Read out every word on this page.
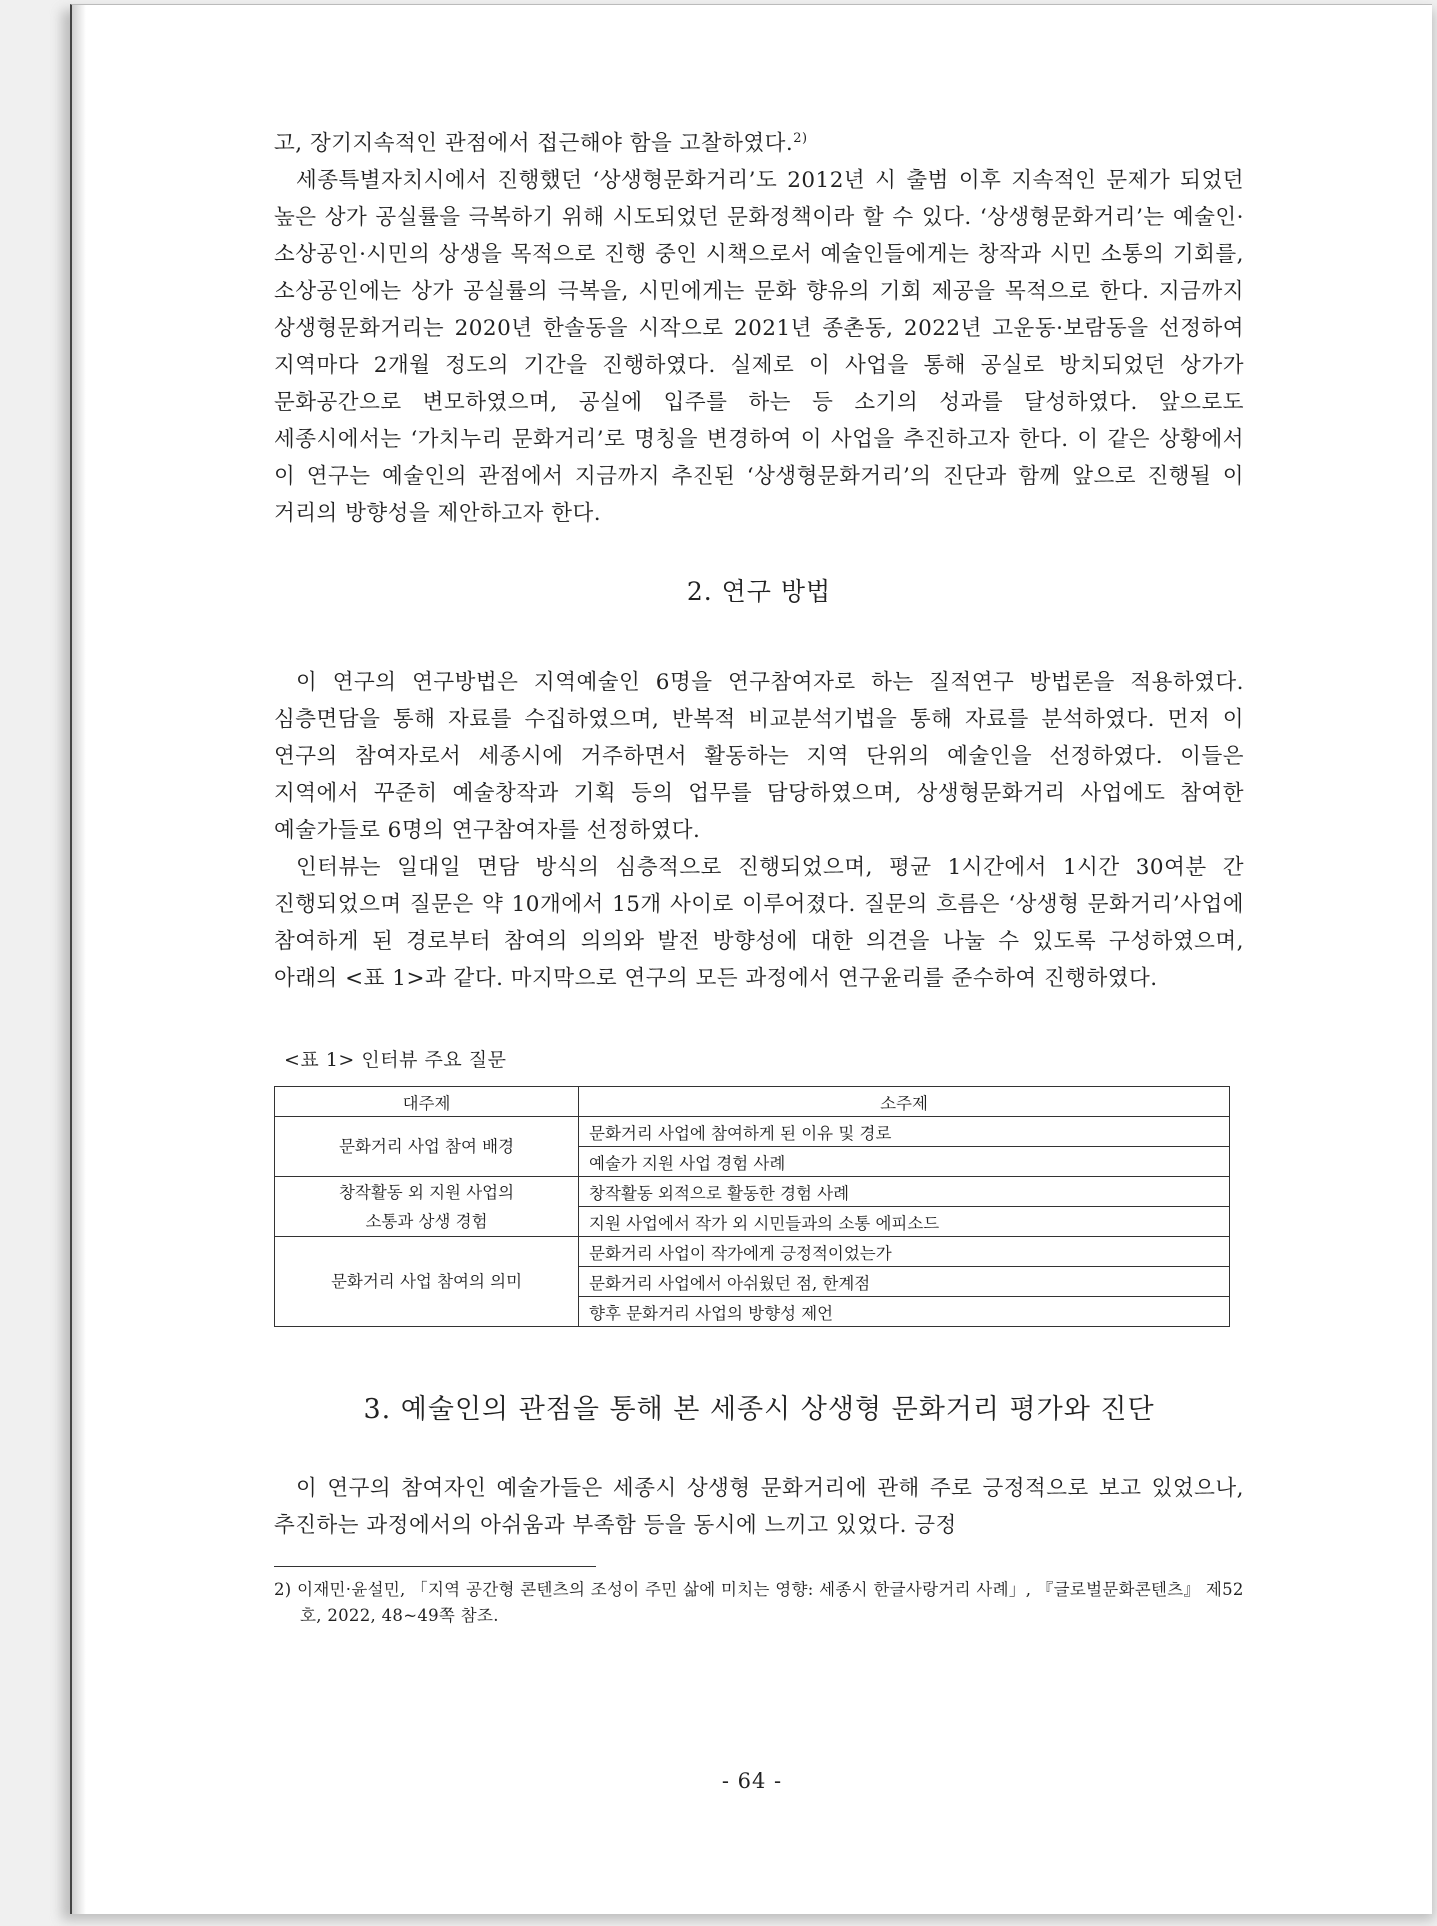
고, 장기지속적인 관점에서 접근해야 함을 고찰하였다.$^{2)}$

세종특별자치시에서 진행했던 ‘상생형문화거리’도 2012년 시 출범 이후 지속적인 문제가 되었던 높은 상가 공실률을 극복하기 위해 시도되었던 문화정책이라 할 수 있다. ‘상생형문화거리’는 예술인·소상공인·시민의 상생을 목적으로 진행 중인 시책으로서 예술인들에게는 창작과 시민 소통의 기회를, 소상공인에는 상가 공실률의 극복을, 시민에게는 문화 향유의 기회 제공을 목적으로 한다. 지금까지 상생형문화거리는 2020년 한솔동을 시작으로 2021년 종촌동, 2022년 고운동·보람동을 선정하여 지역마다 2개월 정도의 기간을 진행하였다. 실제로 이 사업을 통해 공실로 방치되었던 상가가 문화공간으로 변모하였으며, 공실에 입주를 하는 등 소기의 성과를 달성하였다. 앞으로도 세종시에서는 ‘가치누리 문화거리’로 명칭을 변경하여 이 사업을 추진하고자 한다. 이 같은 상황에서 이 연구는 예술인의 관점에서 지금까지 추진된 ‘상생형문화거리’의 진단과 함께 앞으로 진행될 이 거리의 방향성을 제안하고자 한다.

2. 연구 방법

이 연구의 연구방법은 지역예술인 6명을 연구참여자로 하는 질적연구 방법론을 적용하였다. 심층면담을 통해 자료를 수집하였으며, 반복적 비교분석기법을 통해 자료를 분석하였다. 먼저 이 연구의 참여자로서 세종시에 거주하면서 활동하는 지역 단위의 예술인을 선정하였다. 이들은 지역에서 꾸준히 예술창작과 기획 등의 업무를 담당하였으며, 상생형문화거리 사업에도 참여한 예술가들로 6명의 연구참여자를 선정하였다.

인터뷰는 일대일 면담 방식의 심층적으로 진행되었으며, 평균 1시간에서 1시간 30여분 간 진행되었으며 질문은 약 10개에서 15개 사이로 이루어졌다. 질문의 흐름은 ‘상생형 문화거리’사업에 참여하게 된 경로부터 참여의 의의와 발전 방향성에 대한 의견을 나눌 수 있도록 구성하였으며, 아래의 <표 1>과 같다. 마지막으로 연구의 모든 과정에서 연구윤리를 준수하여 진행하였다.

<표 1> 인터뷰 주요 질문
대주제	소주제

문화거리 사업 참여 배경	문화거리 사업에 참여하게 된 이유 및 경로
	예술가 지원 사업 경험 사례

창작활동 외 지원 사업의
소통과 상생 경험	창작활동 외적으로 활동한 경험 사례
	지원 사업에서 작가 외 시민들과의 소통 에피소드

문화거리 사업 참여의 의미	문화거리 사업이 작가에게 긍정적이었는가
	문화거리 사업에서 아쉬웠던 점, 한계점
	향후 문화거리 사업의 방향성 제언
3. 예술인의 관점을 통해 본 세종시 상생형 문화거리 평가와 진단

이 연구의 참여자인 예술가들은 세종시 상생형 문화거리에 관해 주로 긍정적으로 보고 있었으나, 추진하는 과정에서의 아쉬움과 부족함 등을 동시에 느끼고 있었다. 긍정

2) 이재민·윤설민, 「지역 공간형 콘텐츠의 조성이 주민 삶에 미치는 영향: 세종시 한글사랑거리 사례」, 『글로벌문화콘텐츠』 제52호, 2022, 48~49쪽 참조.

- 64 -
